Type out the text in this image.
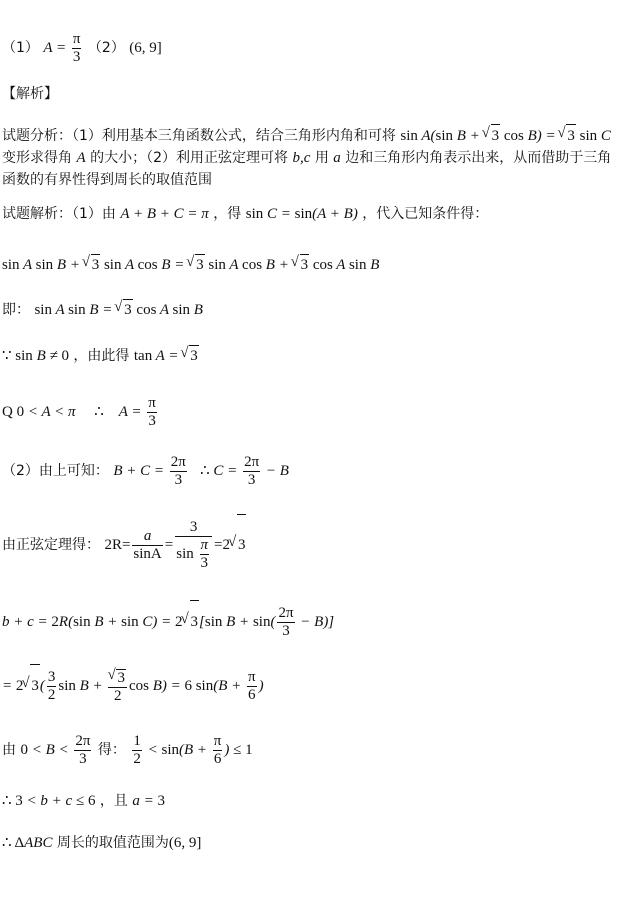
（1） $A = \frac{\pi}{3} (2)$ (6, 9]
【解析】
试题分析：（1）利用基本三角函数公式，结合三角形内角和可将 sin A(sin B + √ 3 cos B) = √ 3 sin C
变形求得角 A 的大小；（2）利用正弦定理可将 b,c 用 a 边和三角形内角表示出来，从而借助于三角
函数的有界性得到周长的取值范围
试题解析：（1）由 A + B + C = π ，得 sin C = sin(A + B) ，代入已知条件得：
sin A sin B + √ 3 sin A cos B = √ 3 sin A cos B + √ 3 cos A sin B
即： sin A sin B = √ 3 cos A sin B
∵ sin B ≠ 0 ，由此得 tan A = √ 3
Q 0 < A < π     ∴    $A = \frac{\pi}{3}$
（2）由上可知： $B + C = \frac{2\pi}{3}$ ∴ $C = \frac{2\pi}{3} - B$
由正弦定理得： $2R= \frac{a}{\sin A} = \frac{3}{\sin \frac{\pi}{3}} =2√$ 3
b + c = 2R(sin B + sin C) = 2√ 3[sin $B + \sin( \frac{2\pi}{3} - B)$]
= 2√ $3( \frac{3}{2}$ sin B +
√ $\frac{3}{2}$ cos B) = 6 $\sin(B + \frac{\pi}{6}$ )
由 $0 < B < \frac{2\pi}{3}$ 得： $\frac{1}{2} < \sin(B + \frac{\pi}{6}$ ) ≤ 1
∴ 3 < b + c ≤ 6 ，且 a = 3
∴ ΔABC 周长的取值范围为(6, 9]
